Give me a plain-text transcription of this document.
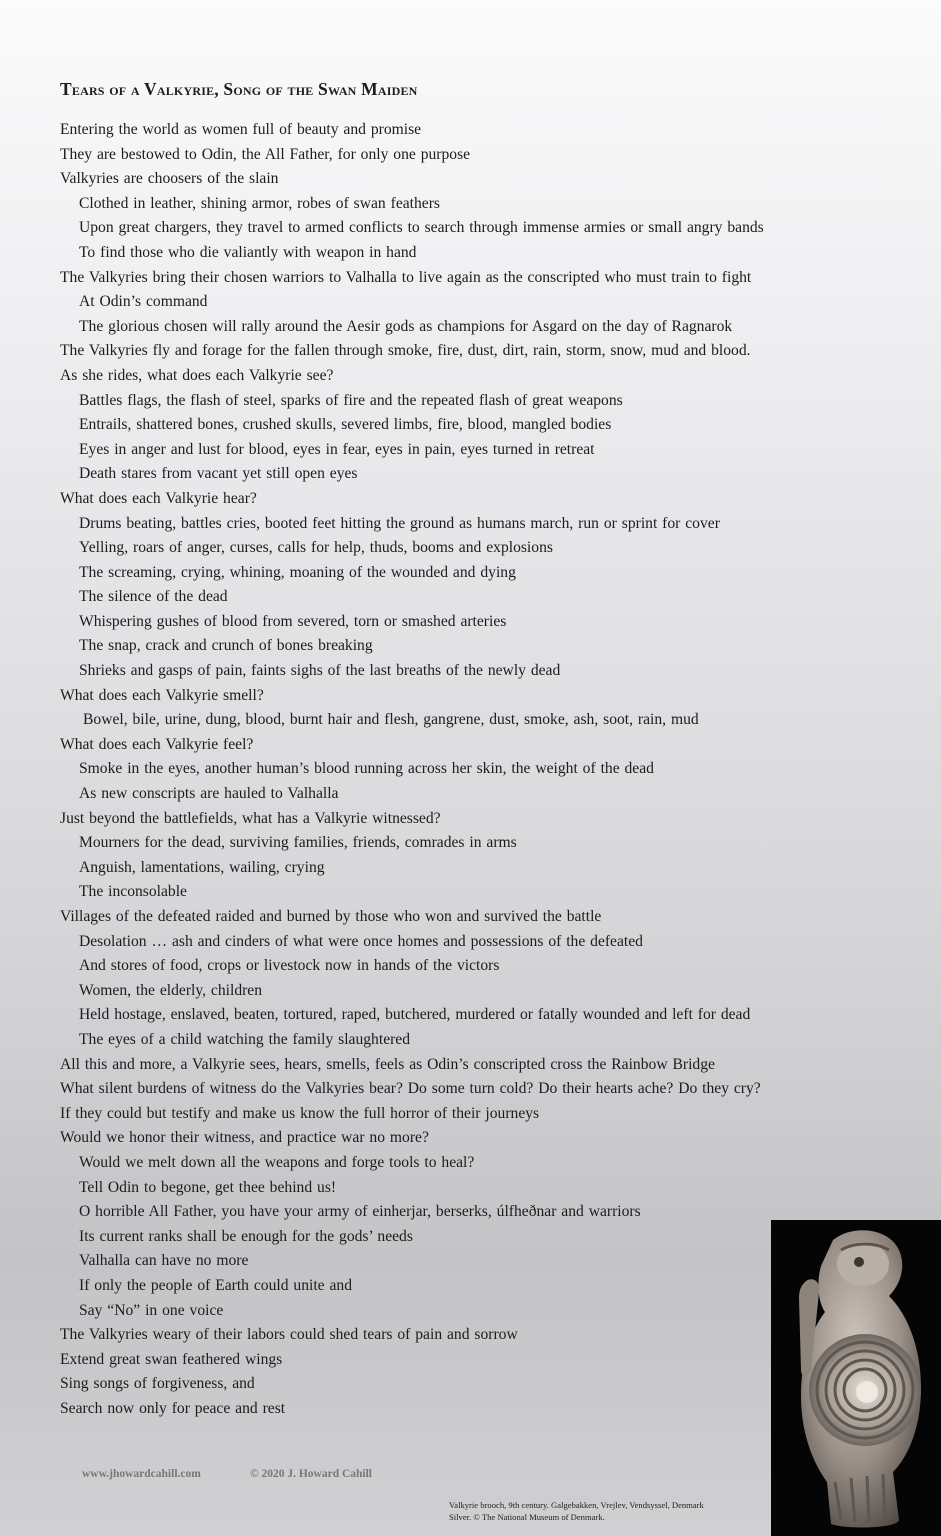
Tears of a Valkyrie, Song of the Swan Maiden
Entering the world as women full of beauty and promise
They are bestowed to Odin, the All Father, for only one purpose
Valkyries are choosers of the slain
Clothed in leather, shining armor, robes of swan feathers
Upon great chargers, they travel to armed conflicts to search through immense armies or small angry bands
To find those who die valiantly with weapon in hand
The Valkyries bring their chosen warriors to Valhalla to live again as the conscripted who must train to fight
At Odin’s command
The glorious chosen will rally around the Aesir gods as champions for Asgard on the day of Ragnarok
The Valkyries fly and forage for the fallen through smoke, fire, dust, dirt, rain, storm, snow, mud and blood.
As she rides, what does each Valkyrie see?
Battles flags, the flash of steel, sparks of fire and the repeated flash of great weapons
Entrails, shattered bones, crushed skulls, severed limbs, fire, blood, mangled bodies
Eyes in anger and lust for blood, eyes in fear, eyes in pain, eyes turned in retreat
Death stares from vacant yet still open eyes
What does each Valkyrie hear?
Drums beating, battles cries, booted feet hitting the ground as humans march, run or sprint for cover
Yelling, roars of anger, curses, calls for help, thuds, booms and explosions
The screaming, crying, whining, moaning of the wounded and dying
The silence of the dead
Whispering gushes of blood from severed, torn or smashed arteries
The snap, crack and crunch of bones breaking
Shrieks and gasps of pain, faints sighs of the last breaths of the newly dead
What does each Valkyrie smell?
Bowel, bile, urine, dung, blood, burnt hair and flesh, gangrene, dust, smoke, ash, soot, rain, mud
What does each Valkyrie feel?
Smoke in the eyes, another human’s blood running across her skin, the weight of the dead
As new conscripts are hauled to Valhalla
Just beyond the battlefields, what has a Valkyrie witnessed?
Mourners for the dead, surviving families, friends, comrades in arms
Anguish, lamentations, wailing, crying
The inconsolable
Villages of the defeated raided and burned by those who won and survived the battle
Desolation … ash and cinders of what were once homes and possessions of the defeated
And stores of food, crops or livestock now in hands of the victors
Women, the elderly, children
Held hostage, enslaved, beaten, tortured, raped, butchered, murdered or fatally wounded and left for dead
The eyes of a child watching the family slaughtered
All this and more, a Valkyrie sees, hears, smells, feels as Odin’s conscripted cross the Rainbow Bridge
What silent burdens of witness do the Valkyries bear? Do some turn cold? Do their hearts ache? Do they cry?
If they could but testify and make us know the full horror of their journeys
Would we honor their witness, and practice war no more?
Would we melt down all the weapons and forge tools to heal?
Tell Odin to begone, get thee behind us!
O horrible All Father, you have your army of einherjar, berserks, úlfheðnar and warriors
Its current ranks shall be enough for the gods’ needs
Valhalla can have no more
If only the people of Earth could unite and
Say “No” in one voice
The Valkyries weary of their labors could shed tears of pain and sorrow
Extend great swan feathered wings
Sing songs of forgiveness, and
Search now only for peace and rest
www.jhowardcahill.com	© 2020 J. Howard Cahill

Valkyrie brooch, 9th century. Galgebakken, Vrejlev, Vendsyssel, Denmark
Silver. © The National Museum of Denmark.
